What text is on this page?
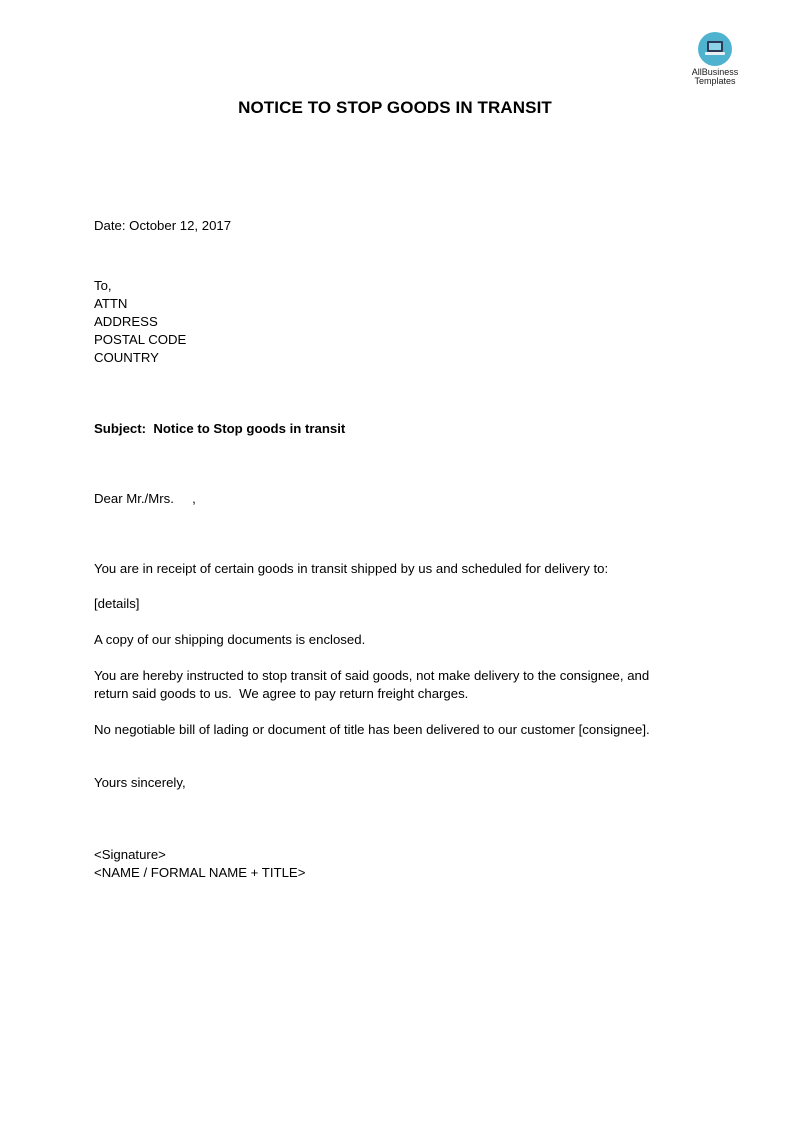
AllBusiness
Templates
NOTICE TO STOP GOODS IN TRANSIT
Date: October 12, 2017
To,
ATTN
ADDRESS
POSTAL CODE
COUNTRY
Subject:  Notice to Stop goods in transit
Dear Mr./Mrs.     ,
You are in receipt of certain goods in transit shipped by us and scheduled for delivery to:
[details]
A copy of our shipping documents is enclosed.
You are hereby instructed to stop transit of said goods, not make delivery to the consignee, and
return said goods to us.  We agree to pay return freight charges.
No negotiable bill of lading or document of title has been delivered to our customer [consignee].
Yours sincerely,
<Signature>
<NAME / FORMAL NAME + TITLE>
